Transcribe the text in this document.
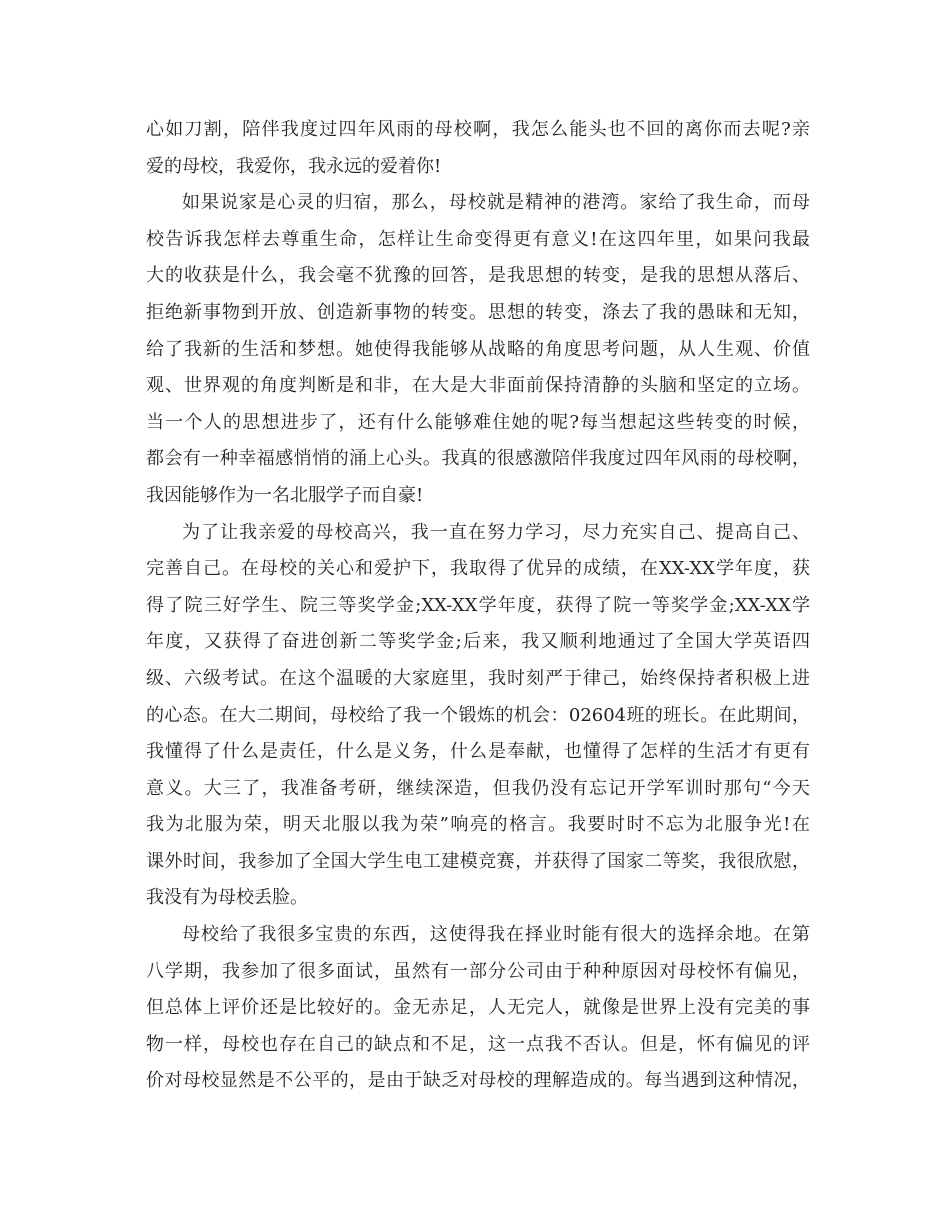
心如刀割，陪伴我度过四年风雨的母校啊，我怎么能头也不回的离你而去呢?亲
爱的母校，我爱你，我永远的爱着你!
如果说家是心灵的归宿，那么，母校就是精神的港湾。家给了我生命，而母
校告诉我怎样去尊重生命，怎样让生命变得更有意义!在这四年里，如果问我最
大的收获是什么，我会毫不犹豫的回答，是我思想的转变，是我的思想从落后、
拒绝新事物到开放、创造新事物的转变。思想的转变，涤去了我的愚昧和无知，
给了我新的生活和梦想。她使得我能够从战略的角度思考问题，从人生观、价值
观、世界观的角度判断是和非，在大是大非面前保持清静的头脑和坚定的立场。
当一个人的思想进步了，还有什么能够难住她的呢?每当想起这些转变的时候，
都会有一种幸福感悄悄的涌上心头。我真的很感激陪伴我度过四年风雨的母校啊，
我因能够作为一名北服学子而自豪!
为了让我亲爱的母校高兴，我一直在努力学习，尽力充实自己、提高自己、
完善自己。在母校的关心和爱护下，我取得了优异的成绩，在XX-XX学年度，获
得了院三好学生、院三等奖学金;XX-XX学年度，获得了院一等奖学金;XX-XX学
年度，又获得了奋进创新二等奖学金;后来，我又顺利地通过了全国大学英语四
级、六级考试。在这个温暖的大家庭里，我时刻严于律己，始终保持者积极上进
的心态。在大二期间，母校给了我一个锻炼的机会：02604班的班长。在此期间，
我懂得了什么是责任，什么是义务，什么是奉献，也懂得了怎样的生活才有更有
意义。大三了，我准备考研，继续深造，但我仍没有忘记开学军训时那句“今天
我为北服为荣，明天北服以我为荣”响亮的格言。我要时时不忘为北服争光!在
课外时间，我参加了全国大学生电工建模竞赛，并获得了国家二等奖，我很欣慰，
我没有为母校丢脸。
母校给了我很多宝贵的东西，这使得我在择业时能有很大的选择余地。在第
八学期，我参加了很多面试，虽然有一部分公司由于种种原因对母校怀有偏见，
但总体上评价还是比较好的。金无赤足，人无完人，就像是世界上没有完美的事
物一样，母校也存在自己的缺点和不足，这一点我不否认。但是，怀有偏见的评
价对母校显然是不公平的，是由于缺乏对母校的理解造成的。每当遇到这种情况，
